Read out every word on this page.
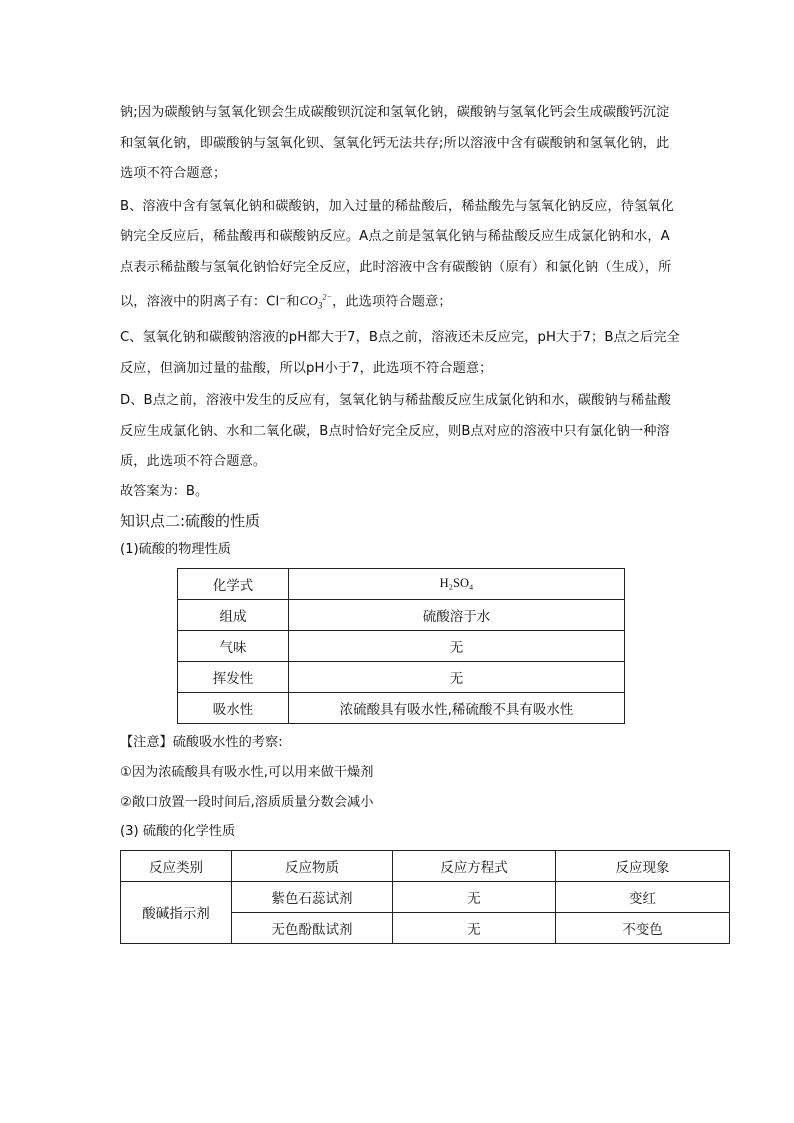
钠;因为碳酸钠与氢氧化钡会生成碳酸钡沉淀和氢氧化钠，碳酸钠与氢氧化钙会生成碳酸钙沉淀和氢氧化钠，即碳酸钠与氢氧化钡、氢氧化钙无法共存;所以溶液中含有碳酸钠和氢氧化钠，此选项不符合题意；

B、溶液中含有氢氧化钠和碳酸钠，加入过量的稀盐酸后，稀盐酸先与氢氧化钠反应，待氢氧化钠完全反应后，稀盐酸再和碳酸钠反应。A点之前是氢氧化钠与稀盐酸反应生成氯化钠和水，A点表示稀盐酸与氢氧化钠恰好完全反应，此时溶液中含有碳酸钠（原有）和氯化钠（生成），所以，溶液中的阴离子有：Cl⁻和$CO_3^{2-}$，此选项符合题意；

C、氢氧化钠和碳酸钠溶液的pH都大于7，B点之前，溶液还未反应完，pH大于7；B点之后完全反应，但滴加过量的盐酸，所以pH小于7，此选项不符合题意；

D、B点之前，溶液中发生的反应有，氢氧化钠与稀盐酸反应生成氯化钠和水，碳酸钠与稀盐酸反应生成氯化钠、水和二氧化碳，B点时恰好完全反应，则B点对应的溶液中只有氯化钠一种溶质，此选项不符合题意。

故答案为：B。

知识点二:硫酸的性质

(1)硫酸的物理性质

化学式	H₂SO₄
组成	硫酸溶于水
气味	无
挥发性	无
吸水性	浓硫酸具有吸水性,稀硫酸不具有吸水性

【注意】硫酸吸水性的考察:

①因为浓硫酸具有吸水性,可以用来做干燥剂

②敞口放置一段时间后,溶质质量分数会减小

(3) 硫酸的化学性质

反应类别	反应物质	反应方程式	反应现象
酸碱指示剂	紫色石蕊试剂	无	变红
	无色酚酞试剂	无	不变色
